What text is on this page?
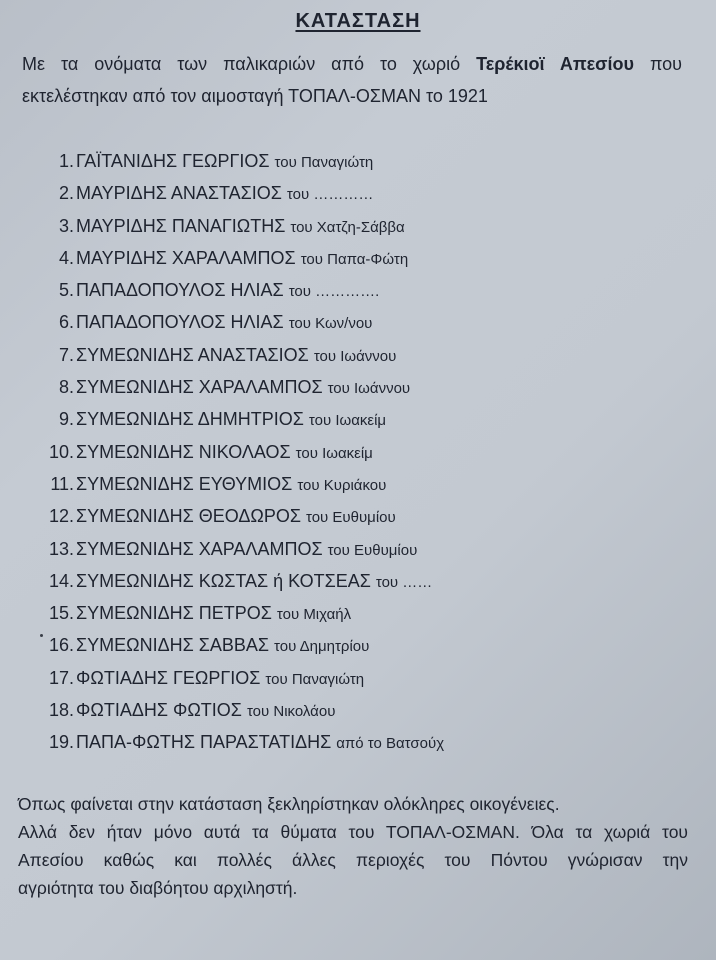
ΚΑΤΑΣΤΑΣΗ
Με τα ονόματα των παλικαριών από το χωριό Τερέκιοϊ Απεσίου που
εκτελέστηκαν από τον αιμοσταγή ΤΟΠΑΛ-ΟΣΜΑΝ το 1921
1. ΓΑΪΤΑΝΙΔΗΣ ΓΕΩΡΓΙΟΣ του Παναγιώτη
2. ΜΑΥΡΙΔΗΣ ΑΝΑΣΤΑΣΙΟΣ του …………
3. ΜΑΥΡΙΔΗΣ ΠΑΝΑΓΙΩΤΗΣ του Χατζη-Σάββα
4. ΜΑΥΡΙΔΗΣ ΧΑΡΑΛΑΜΠΟΣ του Παπα-Φώτη
5. ΠΑΠΑΔΟΠΟΥΛΟΣ ΗΛΙΑΣ του ………….
6. ΠΑΠΑΔΟΠΟΥΛΟΣ ΗΛΙΑΣ του Κων/νου
7. ΣΥΜΕΩΝΙΔΗΣ ΑΝΑΣΤΑΣΙΟΣ του Ιωάννου
8. ΣΥΜΕΩΝΙΔΗΣ ΧΑΡΑΛΑΜΠΟΣ του Ιωάννου
9. ΣΥΜΕΩΝΙΔΗΣ ΔΗΜΗΤΡΙΟΣ του Ιωακείμ
10. ΣΥΜΕΩΝΙΔΗΣ ΝΙΚΟΛΑΟΣ του Ιωακείμ
11. ΣΥΜΕΩΝΙΔΗΣ ΕΥΘΥΜΙΟΣ του Κυριάκου
12. ΣΥΜΕΩΝΙΔΗΣ ΘΕΟΔΩΡΟΣ του Ευθυμίου
13. ΣΥΜΕΩΝΙΔΗΣ ΧΑΡΑΛΑΜΠΟΣ του Ευθυμίου
14. ΣΥΜΕΩΝΙΔΗΣ ΚΩΣΤΑΣ ή ΚΟΤΣΕΑΣ του ……
15. ΣΥΜΕΩΝΙΔΗΣ ΠΕΤΡΟΣ του Μιχαήλ
16. ΣΥΜΕΩΝΙΔΗΣ ΣΑΒΒΑΣ του Δημητρίου
17. ΦΩΤΙΑΔΗΣ ΓΕΩΡΓΙΟΣ του Παναγιώτη
18. ΦΩΤΙΑΔΗΣ ΦΩΤΙΟΣ του Νικολάου
19. ΠΑΠΑ-ΦΩΤΗΣ ΠΑΡΑΣΤΑΤΙΔΗΣ από το Βατσούχ

Όπως φαίνεται στην κατάσταση ξεκληρίστηκαν ολόκληρες οικογένειες.

Αλλά δεν ήταν μόνο αυτά τα θύματα του ΤΟΠΑΛ-ΟΣΜΑΝ. Όλα τα χωριά του

Απεσίου καθώς και πολλές άλλες περιοχές του Πόντου γνώρισαν την

αγριότητα του διαβόητου αρχιληστή.
